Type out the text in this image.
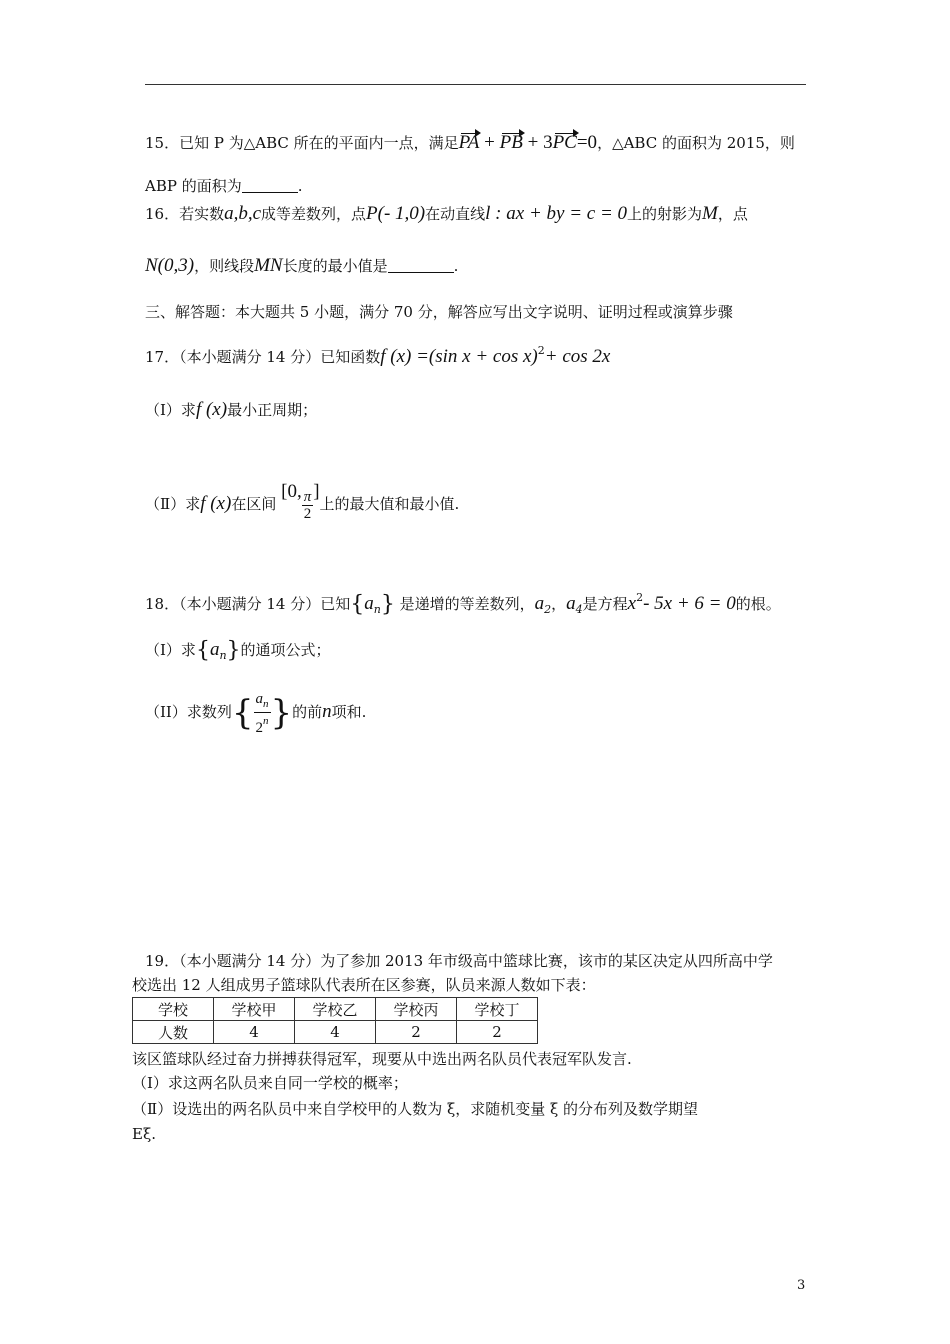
15．已知 P 为△ABC 所在的平面内一点，满足PA + PB + 3PC=0，△ABC 的面积为 2015，则
ABP 的面积为	.
16．若实数a,b,c成等差数列，点P(- 1,0)在动直线l : ax + by = c = 0上的射影为M，点
N(0,3)，则线段MN长度的最小值是	.
三、解答题：本大题共 5 小题，满分 70 分，解答应写出文字说明、证明过程或演算步骤
17．（本小题满分 14 分）已知函数f (x) =(sin x + cos x)$^2$+ cos 2x
（Ⅰ）求f (x)最小正周期；
（Ⅱ）求f (x)在区间 [0, $\frac{\pi}{2}$ ]上的最大值和最小值.
18．（本小题满分 14 分）已知$\{a_n\}$ 是递增的等差数列，$a_2$，$a_4$是方程$x^2-$ 5x + 6 = 0的根。
（I）求$\{a_n\}$的通项公式；
（II）求数列{ $\frac{a_n}{2^n}$ }的前n项和.
19．（本小题满分 14 分）为了参加 2013 年市级高中篮球比赛，该市的某区决定从四所高中学
校选出 12 人组成男子篮球队代表所在区参赛，队员来源人数如下表：
学校	学校甲	学校乙	学校丙	学校丁
人数	4	4	2	2
该区篮球队经过奋力拼搏获得冠军，现要从中选出两名队员代表冠军队发言.
（Ⅰ）求这两名队员来自同一学校的概率；
（Ⅱ）设选出的两名队员中来自学校甲的人数为 ξ，求随机变量 ξ 的分布列及数学期望
Eξ.
3
